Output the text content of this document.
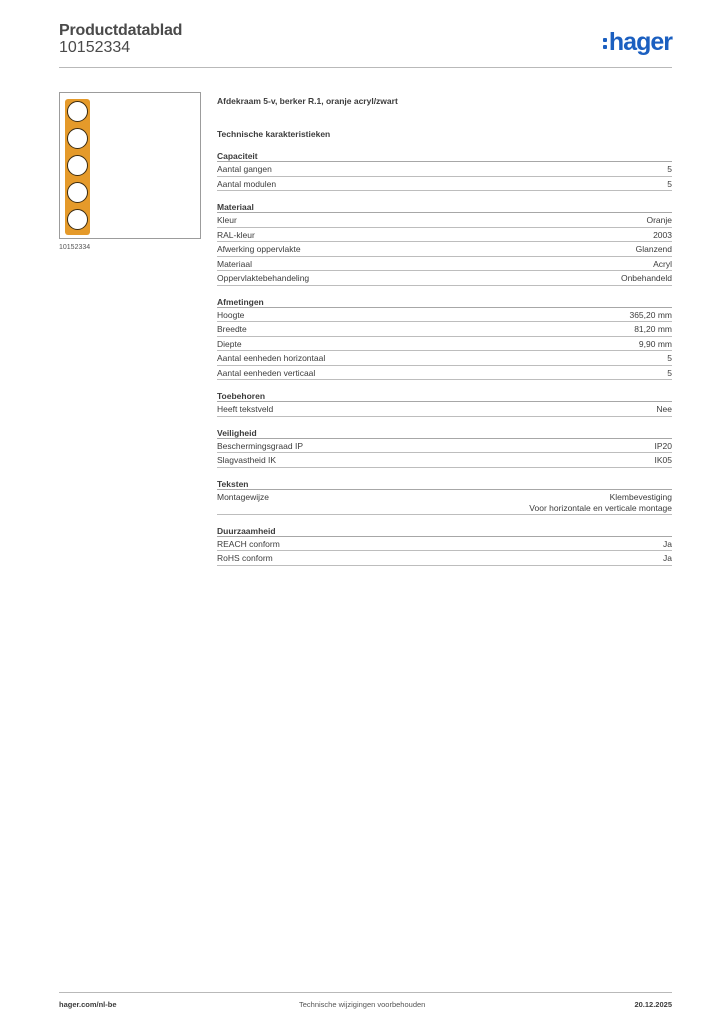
Productdatablad
10152334	hager
10152334
Afdekraam 5-v, berker R.1, oranje acryl/zwart
Technische karakteristieken
Capaciteit
Aantal gangen	5
Aantal modulen	5
Materiaal
Kleur	Oranje
RAL-kleur	2003
Afwerking oppervlakte	Glanzend
Materiaal	Acryl
Oppervlaktebehandeling	Onbehandeld
Afmetingen
Hoogte	365,20 mm
Breedte	81,20 mm
Diepte	9,90 mm
Aantal eenheden horizontaal	5
Aantal eenheden verticaal	5
Toebehoren
Heeft tekstveld	Nee
Veiligheid
Beschermingsgraad IP	IP20
Slagvastheid IK	IK05
Teksten
Montagewijze	Klembevestiging
Voor horizontale en verticale montage
Duurzaamheid
REACH conform	Ja
RoHS conform	Ja
hager.com/nl-be	Technische wijzigingen voorbehouden	20.12.2025
